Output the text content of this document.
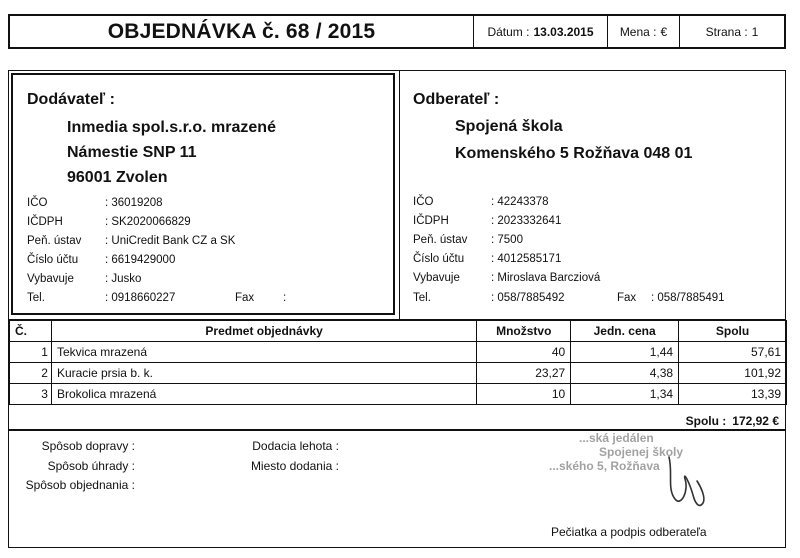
OBJEDNÁVKA č. 68 / 2015	Dátum : 13.03.2015 Mena : €	Strana : 1
Dodávateľ :
Inmedia spol.s.r.o. mrazené
Námestie SNP 11
96001 Zvolen
IČO	: 36019208
IČDPH	: SK2020066829
Peň. ústav	: UniCredit Bank CZ a SK
Číslo účtu	: 6619429000
Vybavuje	: Jusko
Tel.	: 0918660227	Fax	:
Odberateľ :
Spojená škola
Komenského 5 Rožňava 048 01
IČO	: 42243378
IČDPH	: 2023332641
Peň. ústav	: 7500
Číslo účtu	: 4012585171
Vybavuje	: Miroslava Barcziová
Tel.	: 058/7885492	Fax	: 058/7885491
Č.	Predmet objednávky	Množstvo	Jedn. cena	Spolu
1	Tekvica mrazená	40	1,44	57,61
2	Kuracie prsia b. k.	23,27	4,38	101,92
3	Brokolica mrazená	10	1,34	13,39
Spolu : 172,92 €
Spôsob dopravy :
Spôsob úhrady :
Spôsob objednania :
Dodacia lehota :
Miesto dodania :
...ská jedálen
Spojenej školy
...ského 5, Rožňava
Pečiatka a podpis odberateľa
